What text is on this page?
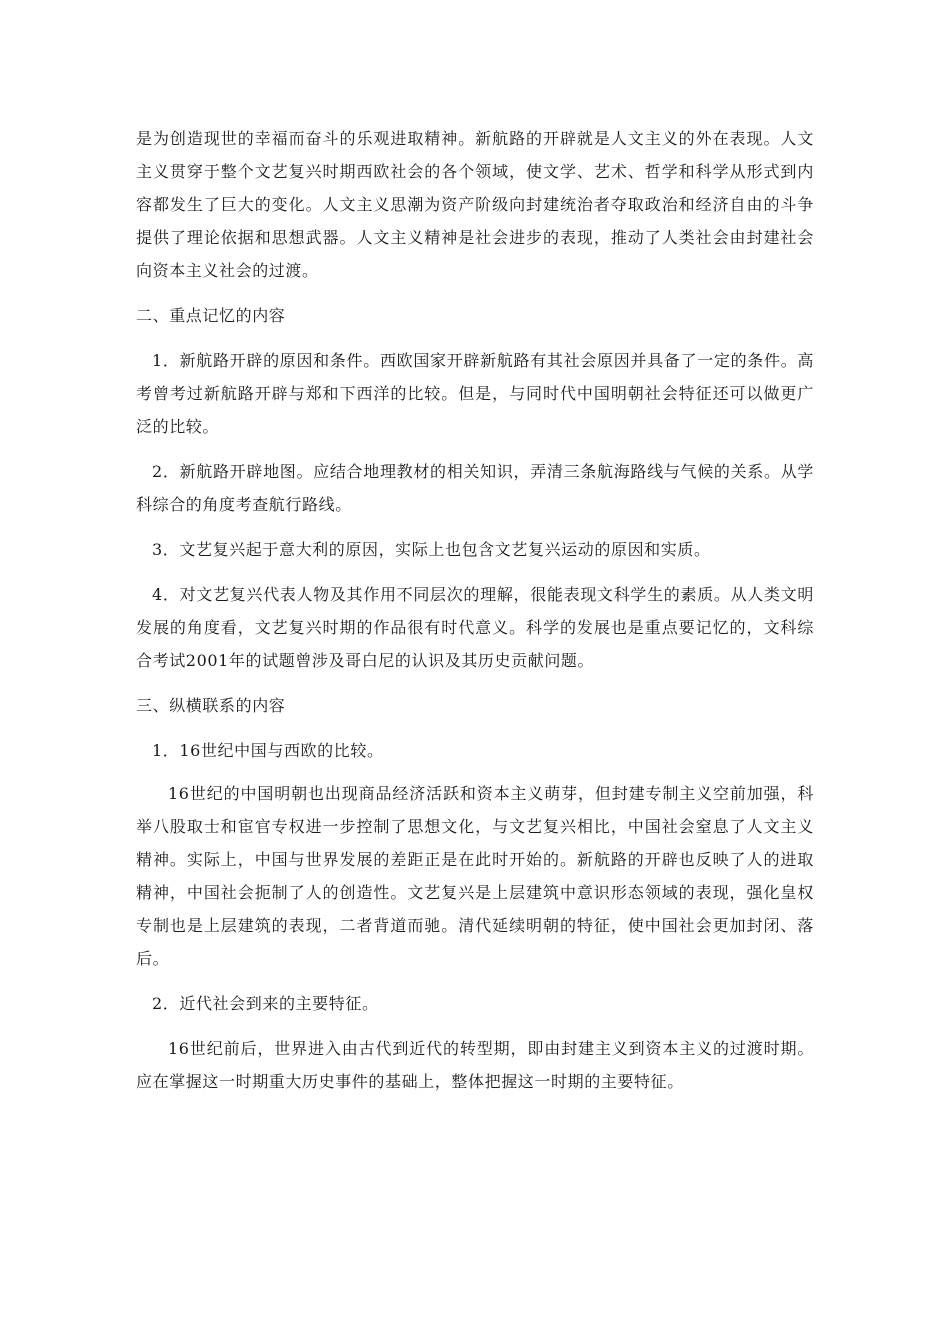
是为创造现世的幸福而奋斗的乐观进取精神。新航路的开辟就是人文主义的外在表现。人文主义贯穿于整个文艺复兴时期西欧社会的各个领域，使文学、艺术、哲学和科学从形式到内容都发生了巨大的变化。人文主义思潮为资产阶级向封建统治者夺取政治和经济自由的斗争提供了理论依据和思想武器。人文主义精神是社会进步的表现，推动了人类社会由封建社会向资本主义社会的过渡。

二、重点记忆的内容

1．新航路开辟的原因和条件。西欧国家开辟新航路有其社会原因并具备了一定的条件。高考曾考过新航路开辟与郑和下西洋的比较。但是，与同时代中国明朝社会特征还可以做更广泛的比较。

2．新航路开辟地图。应结合地理教材的相关知识，弄清三条航海路线与气候的关系。从学科综合的角度考查航行路线。

3．文艺复兴起于意大利的原因，实际上也包含文艺复兴运动的原因和实质。

4．对文艺复兴代表人物及其作用不同层次的理解，很能表现文科学生的素质。从人类文明发展的角度看，文艺复兴时期的作品很有时代意义。科学的发展也是重点要记忆的，文科综合考试2001年的试题曾涉及哥白尼的认识及其历史贡献问题。

三、纵横联系的内容

1．16世纪中国与西欧的比较。

16世纪的中国明朝也出现商品经济活跃和资本主义萌芽，但封建专制主义空前加强，科举八股取士和宦官专权进一步控制了思想文化，与文艺复兴相比，中国社会窒息了人文主义精神。实际上，中国与世界发展的差距正是在此时开始的。新航路的开辟也反映了人的进取精神，中国社会扼制了人的创造性。文艺复兴是上层建筑中意识形态领域的表现，强化皇权专制也是上层建筑的表现，二者背道而驰。清代延续明朝的特征，使中国社会更加封闭、落后。

2．近代社会到来的主要特征。

16世纪前后，世界进入由古代到近代的转型期，即由封建主义到资本主义的过渡时期。应在掌握这一时期重大历史事件的基础上，整体把握这一时期的主要特征。
